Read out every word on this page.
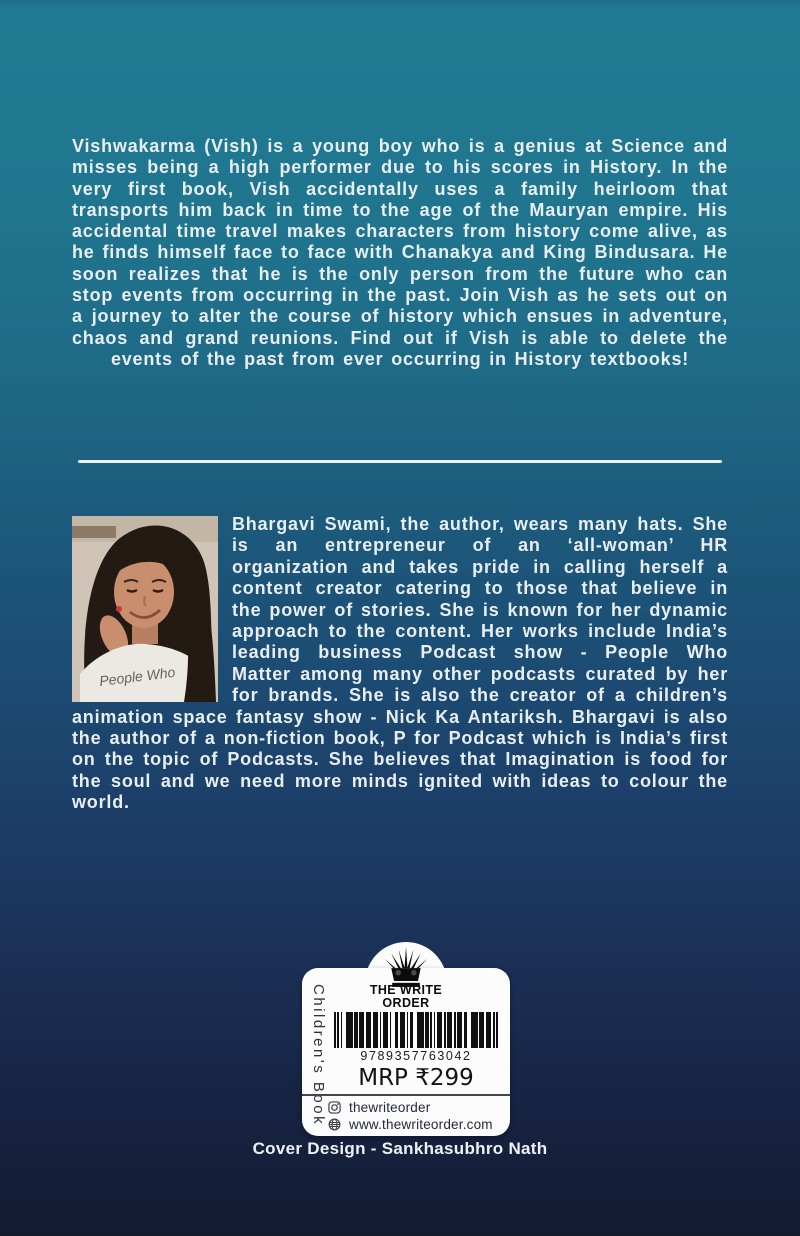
Vishwakarma (Vish) is a young boy who is a genius at Science and misses being a high performer due to his scores in History. In the very first book, Vish accidentally uses a family heirloom that transports him back in time to the age of the Mauryan empire. His accidental time travel makes characters from history come alive, as he finds himself face to face with Chanakya and King Bindusara. He soon realizes that he is the only person from the future who can stop events from occurring in the past. Join Vish as he sets out on a journey to alter the course of history which ensues in adventure, chaos and grand reunions. Find out if Vish is able to delete the events of the past from ever occurring in History textbooks!

People Who

Bhargavi Swami, the author, wears many hats. She is an entrepreneur of an ‘all-woman’ HR organization and takes pride in calling herself a content creator catering to those that believe in the power of stories. She is known for her dynamic approach to the content. Her works include India’s leading business Podcast show - People Who Matter among many other podcasts curated by her for brands. She is also the creator of a children’s animation space fantasy show - Nick Ka Antariksh. Bhargavi is also the author of a non-fiction book, P for Podcast which is India’s first on the topic of Podcasts. She believes that Imagination is food for the soul and we need more minds ignited with ideas to colour the world.

THE WRITE
ORDER
Children's Book	9789357763042
MRP ₹299
thewriteorder
www.thewriteorder.com
Cover Design - Sankhasubhro Nath
